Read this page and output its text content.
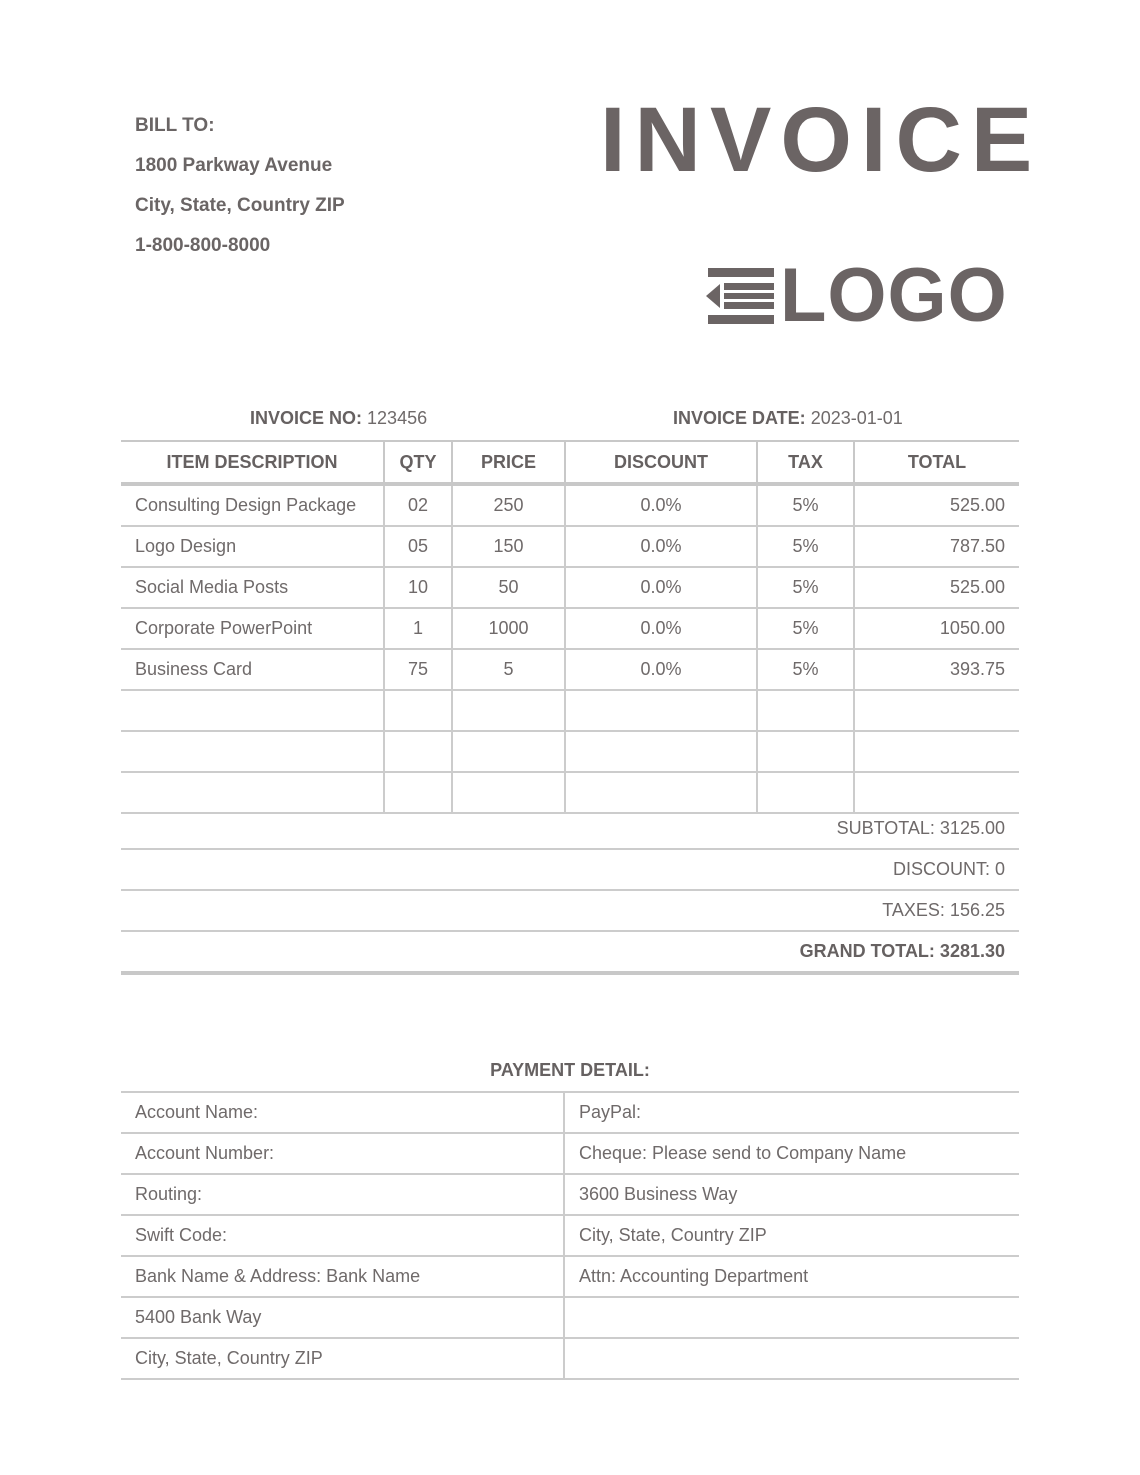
BILL TO:
1800 Parkway Avenue
City, State, Country ZIP
1-800-800-8000
INVOICE
LOGO
INVOICE NO: 123456	INVOICE DATE: 2023-01-01
ITEM DESCRIPTION	QTY	PRICE	DISCOUNT	TAX	TOTAL
Consulting Design Package	02	250	0.0%	5%	525.00
Logo Design	05	150	0.0%	5%	787.50
Social Media Posts	10	50	0.0%	5%	525.00
Corporate PowerPoint	1	1000	0.0%	5%	1050.00
Business Card	75	5	0.0%	5%	393.75

SUBTOTAL: 3125.00
DISCOUNT: 0
TAXES: 156.25
GRAND TOTAL: 3281.30
PAYMENT DETAIL:
Account Name:	PayPal:
Account Number:	Cheque: Please send to Company Name
Routing:	3600 Business Way
Swift Code:	City, State, Country ZIP
Bank Name & Address: Bank Name	Attn: Accounting Department
5400 Bank Way	
City, State, Country ZIP	
